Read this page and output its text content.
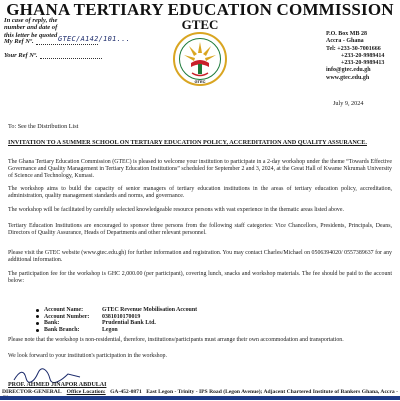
GHANA TERTIARY EDUCATION COMMISSION
GTEC
In case of reply, the
number and date of
this letter be quoted
My Ref Nº.	GTEC/A142/101...
Your Ref Nº.
GTEC
P.O. Box MB 28
Accra - Ghana
Tel: +233-30-7001666
+233-20-9989414
+233-20-9989413
info@gtec.edu.gh
www.gtec.edu.gh
July 9, 2024
To: See the Distribution List
INVITATION TO A SUMMER SCHOOL ON TERTIARY EDUCATION POLICY, ACCREDITATION AND QUALITY ASSURANCE.
The Ghana Tertiary Education Commission (GTEC) is pleased to welcome your institution to participate in a 2-day workshop under the theme “Towards Effective Governance and Quality Management in Tertiary Education Institutions” scheduled for September 2 and 3, 2024, at the Great Hall of Kwame Nkrumah University of Science and Technology, Kumasi.
The workshop aims to build the capacity of senior managers of tertiary education institutions in the areas of tertiary education policy, accreditation, administration, quality management standards and norms, and governance.
The workshop will be facilitated by carefully selected knowledgeable resource persons with vast experience in the thematic areas listed above.
Tertiary Education Institutions are encouraged to sponsor three persons from the following staff categories: Vice Chancellors, Presidents, Principals, Deans, Directors of Quality Assurance, Heads of Departments and other relevant personnel.
Please visit the GTEC website (www.gtec.edu.gh) for further information and registration. You may contact Charles/Michael on 0506394020/ 0557389637 for any additional information.
The participation fee for the workshop is GHC 2,000.00 (per participant), covering lunch, snacks and workshop materials. The fee should be paid to the account below:
Account Name:	GTEC Revenue Mobilisation Account
Account Number:	0381010170019
Bank:	Prudential Bank Ltd.
Bank Branch:	Legon
Please note that the workshop is non-residential, therefore, institutions/participants must arrange their own accommodation and transportation.
We look forward to your institution's participation in the workshop.
PROF. AHMED JINAPOR ABDULAI
DIRECTOR-GENERAL Office Location: GA-452-0871 East Legon - Trinity - IPS Road (Legon Avenue); Adjacent Chartered Institute of Bankers Ghana, Accra -
